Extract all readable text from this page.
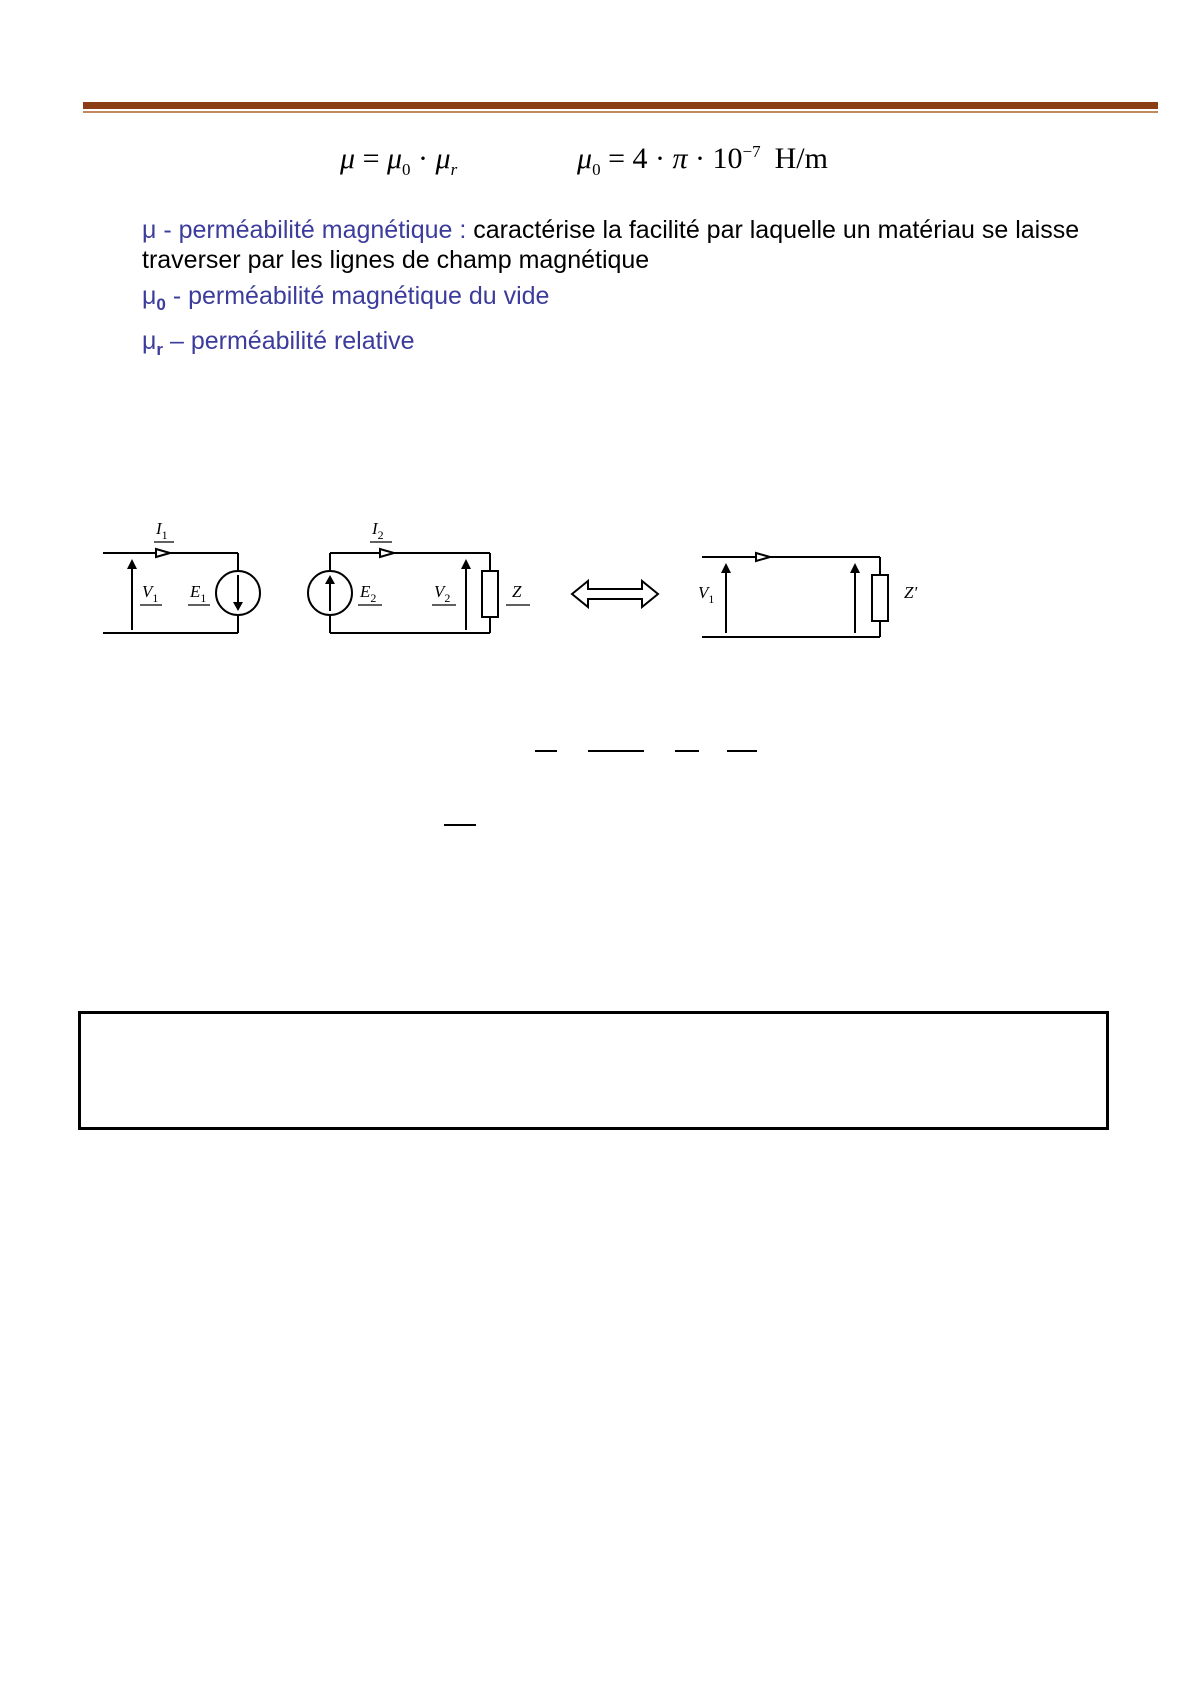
$\mu = \mu_0 \cdot \mu_r$	$\mu_0 = 4 \cdot \pi \cdot 10^{-7}$ H/m

μ - perméabilité magnétique : caractérise la facilité par laquelle un matériau se laisse traverser par les lignes de champ magnétique

$\mu_0$ - perméabilité magnétique du vide

$\mu_r$ – perméabilité relative

$I_1$
$V_1$ $E_1$
$I_2$
$E_2$	$V_2$	Z	$V_1$	Z'
